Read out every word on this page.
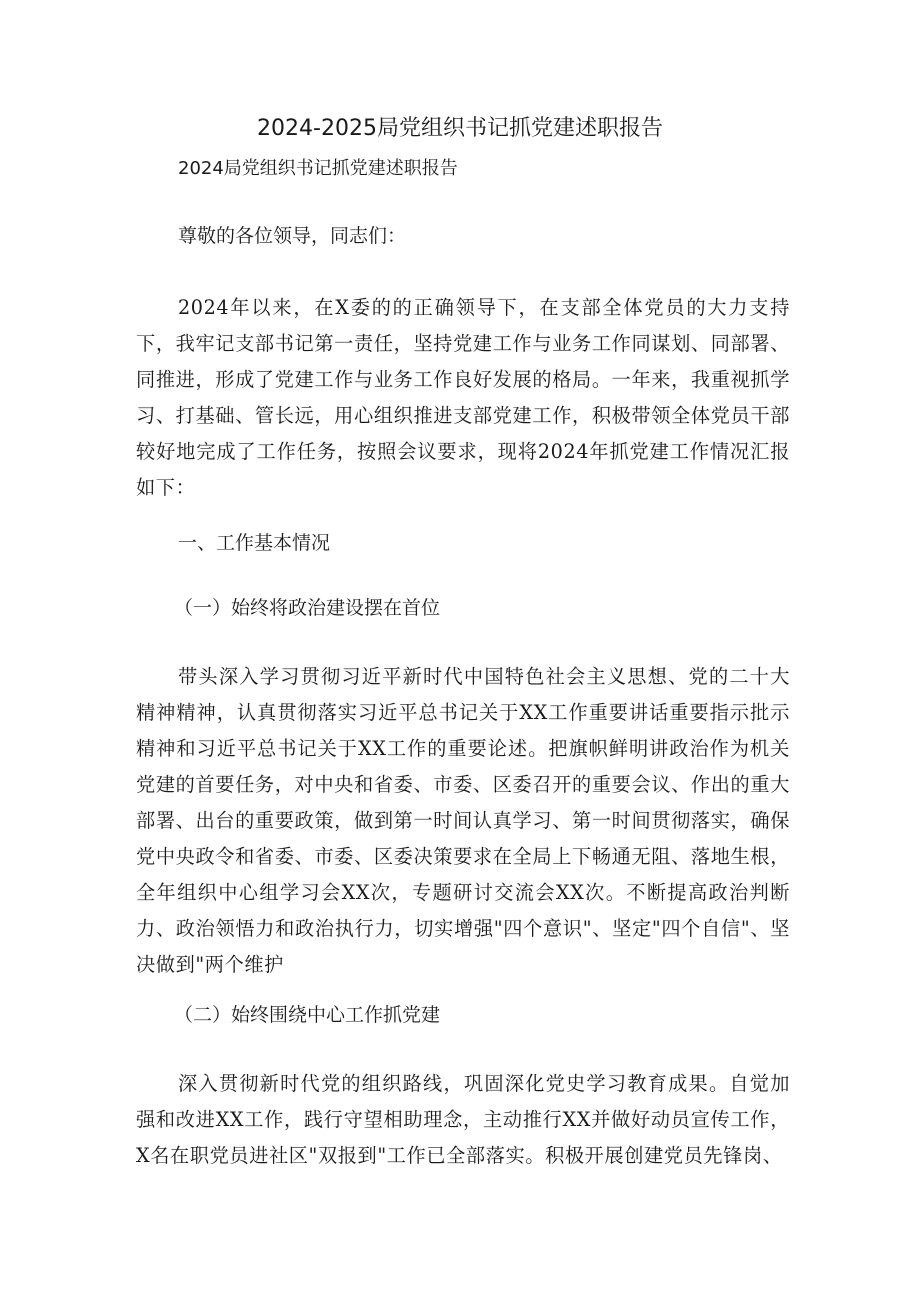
2024-2025局党组织书记抓党建述职报告

2024局党组织书记抓党建述职报告

尊敬的各位领导，同志们：

2024年以来，在X委的的正确领导下，在支部全体党员的大力支持下，我牢记支部书记第一责任，坚持党建工作与业务工作同谋划、同部署、同推进，形成了党建工作与业务工作良好发展的格局。一年来，我重视抓学习、打基础、管长远，用心组织推进支部党建工作，积极带领全体党员干部较好地完成了工作任务，按照会议要求，现将2024年抓党建工作情况汇报如下：

一、工作基本情况

（一）始终将政治建设摆在首位

带头深入学习贯彻习近平新时代中国特色社会主义思想、党的二十大精神精神，认真贯彻落实习近平总书记关于XX工作重要讲话重要指示批示精神和习近平总书记关于XX工作的重要论述。把旗帜鲜明讲政治作为机关党建的首要任务，对中央和省委、市委、区委召开的重要会议、作出的重大部署、出台的重要政策，做到第一时间认真学习、第一时间贯彻落实，确保党中央政令和省委、市委、区委决策要求在全局上下畅通无阻、落地生根，全年组织中心组学习会XX次，专题研讨交流会XX次。不断提高政治判断力、政治领悟力和政治执行力，切实增强"四个意识"、坚定"四个自信"、坚决做到"两个维护

（二）始终围绕中心工作抓党建

深入贯彻新时代党的组织路线，巩固深化党史学习教育成果。自觉加强和改进XX工作，践行守望相助理念，主动推行XX并做好动员宣传工作，X名在职党员进社区"双报到"工作已全部落实。积极开展创建党员先锋岗、
